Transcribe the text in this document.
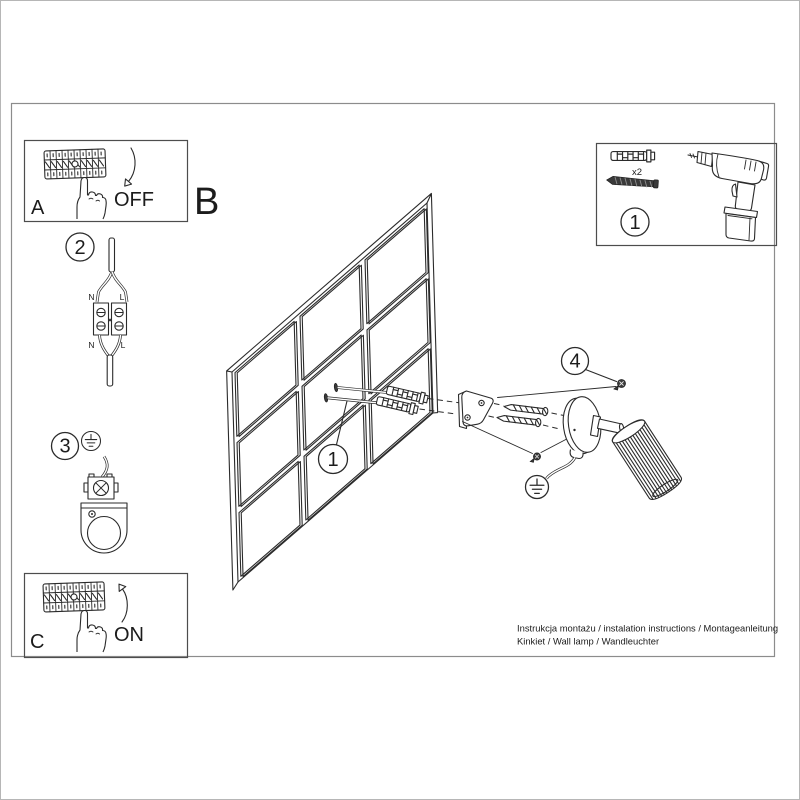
1
4
OFF
A	B
2
N	L
N	L
3
ON
C
x2
1
Instrukcja montażu / instalation instructions / Montageanleitung
Kinkiet / Wall lamp / Wandleuchter
